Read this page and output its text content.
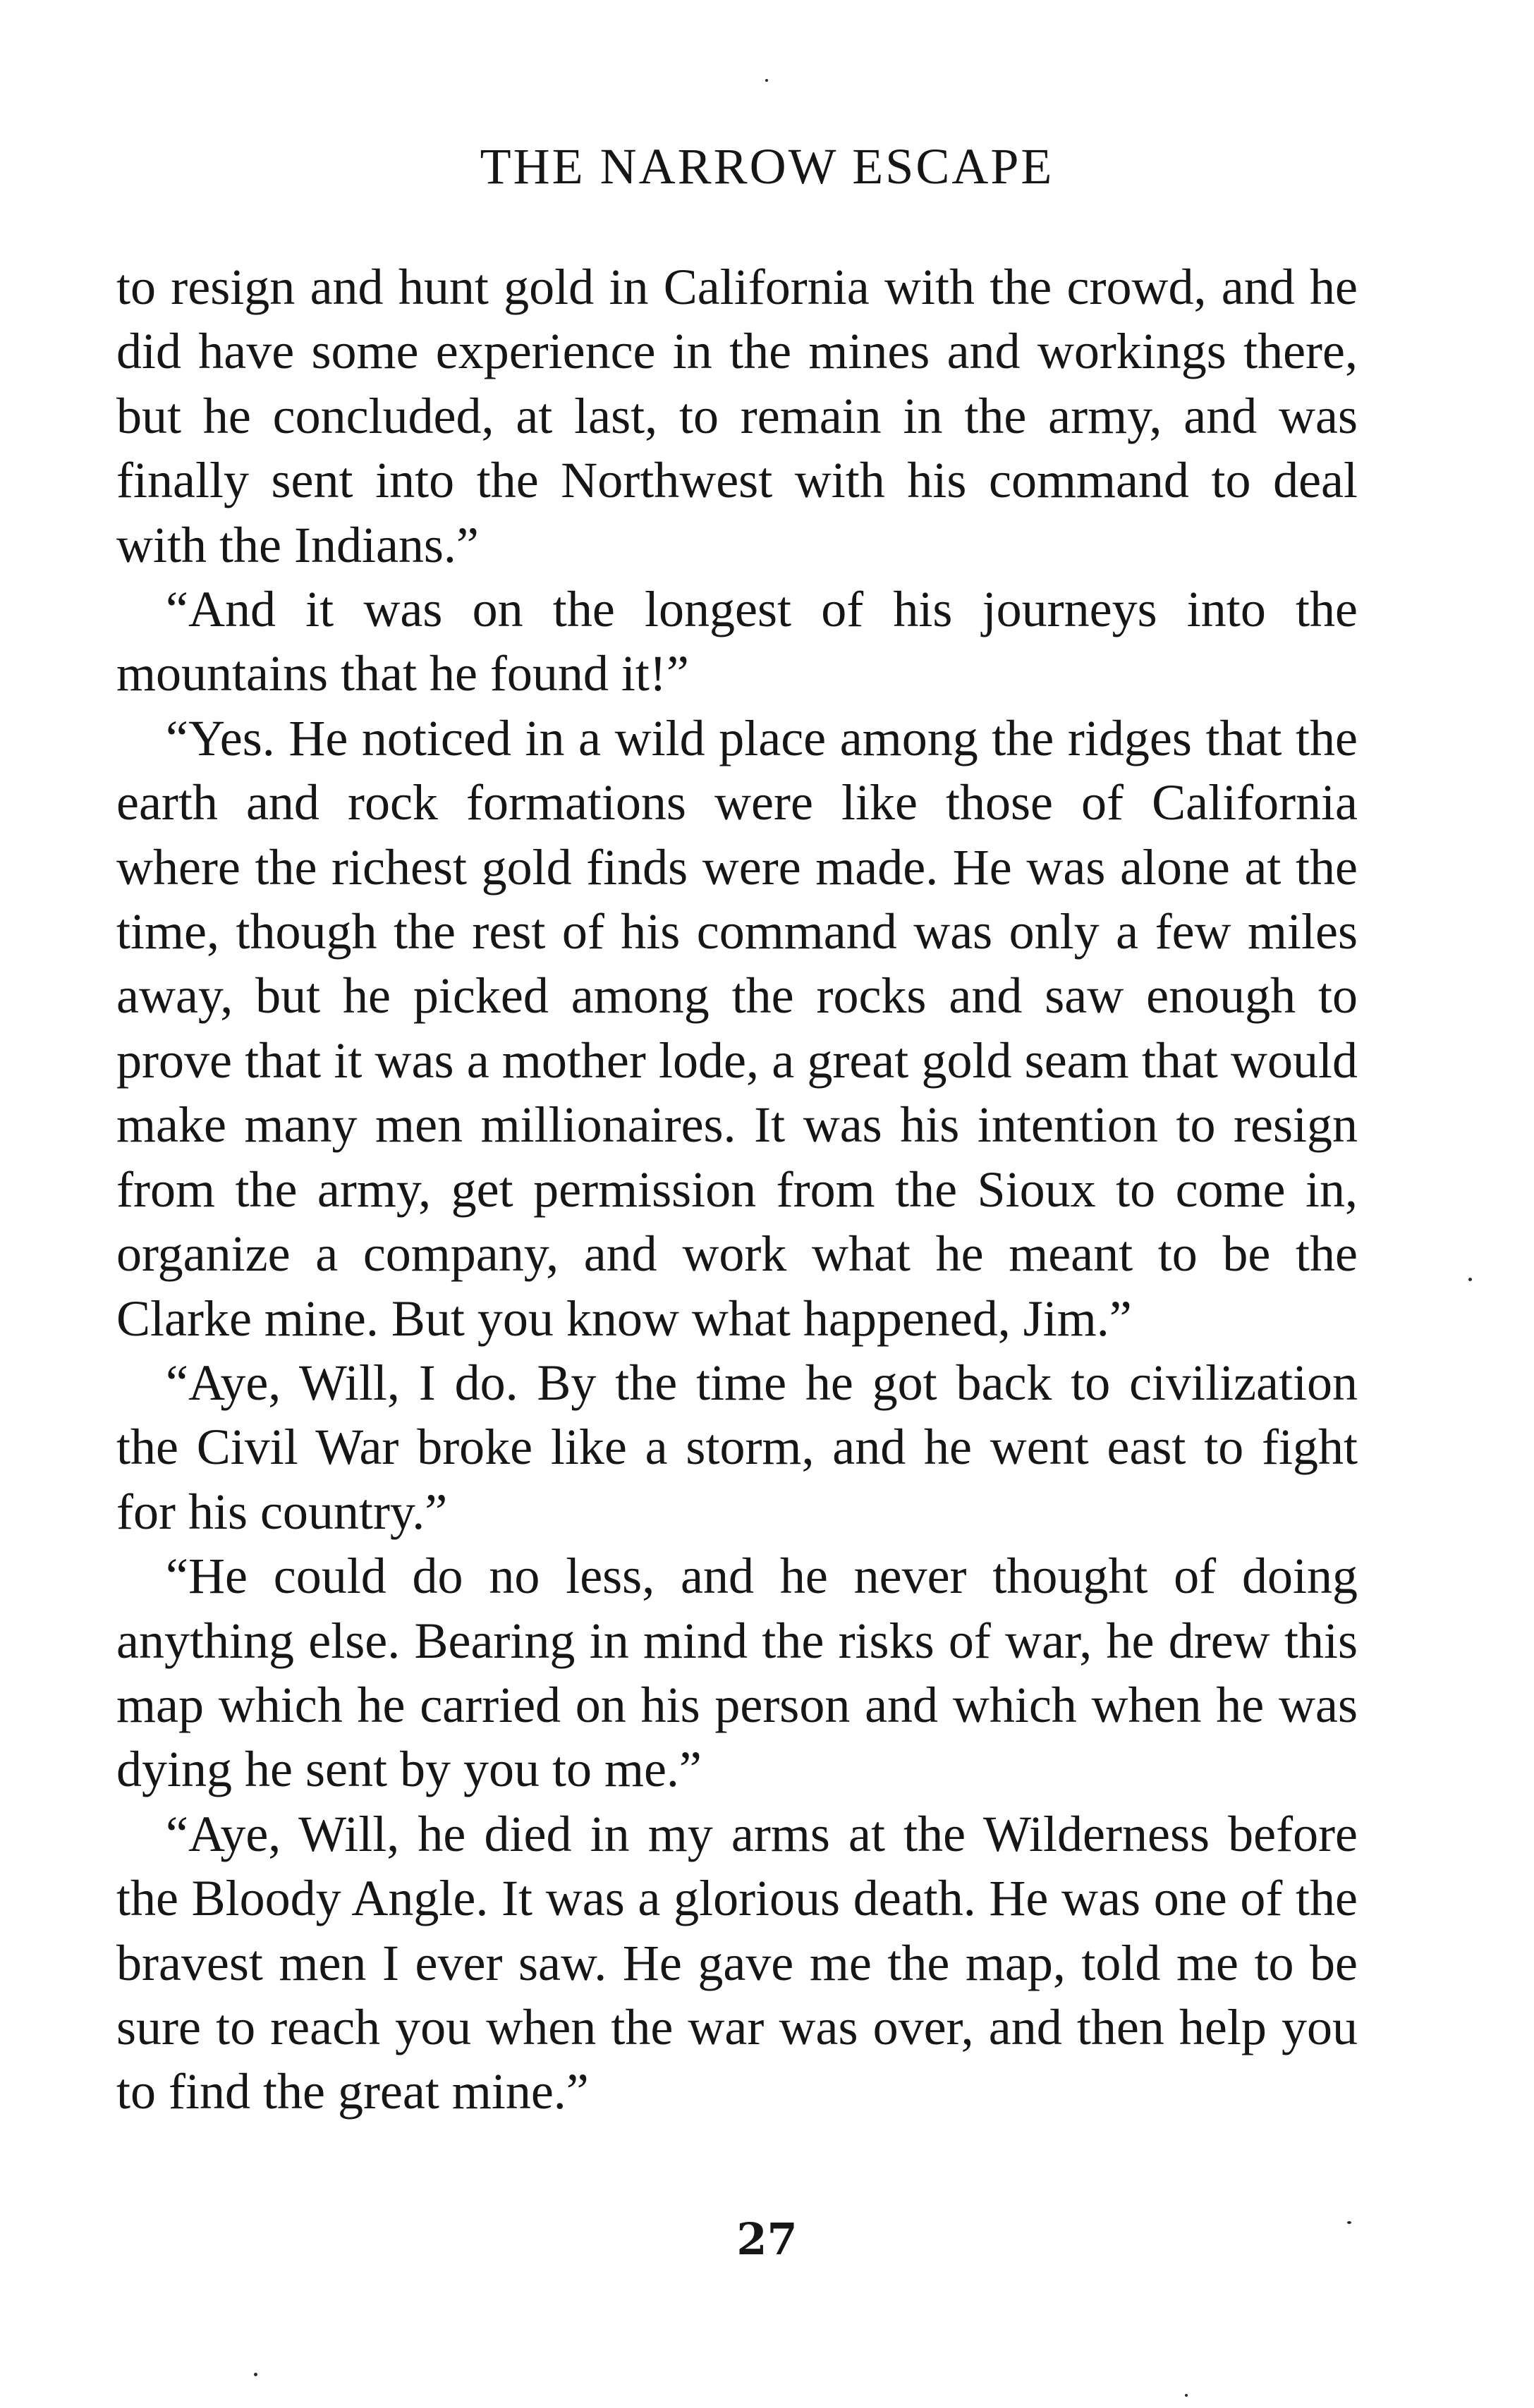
THE NARROW ESCAPE

to resign and hunt gold in California with the crowd, and he did have some experience in the mines and workings there, but he concluded, at last, to remain in the army, and was finally sent into the Northwest with his command to deal with the Indians.”

“And it was on the longest of his journeys into the mountains that he found it!”

“Yes. He noticed in a wild place among the ridges that the earth and rock formations were like those of California where the richest gold finds were made. He was alone at the time, though the rest of his command was only a few miles away, but he picked among the rocks and saw enough to prove that it was a mother lode, a great gold seam that would make many men millionaires. It was his intention to resign from the army, get permission from the Sioux to come in, organize a company, and work what he meant to be the Clarke mine. But you know what happened, Jim.”

“Aye, Will, I do. By the time he got back to civilization the Civil War broke like a storm, and he went east to fight for his country.”

“He could do no less, and he never thought of doing anything else. Bearing in mind the risks of war, he drew this map which he carried on his person and which when he was dying he sent by you to me.”

“Aye, Will, he died in my arms at the Wilderness before the Bloody Angle. It was a glorious death. He was one of the bravest men I ever saw. He gave me the map, told me to be sure to reach you when the war was over, and then help you to find the great mine.”

27
